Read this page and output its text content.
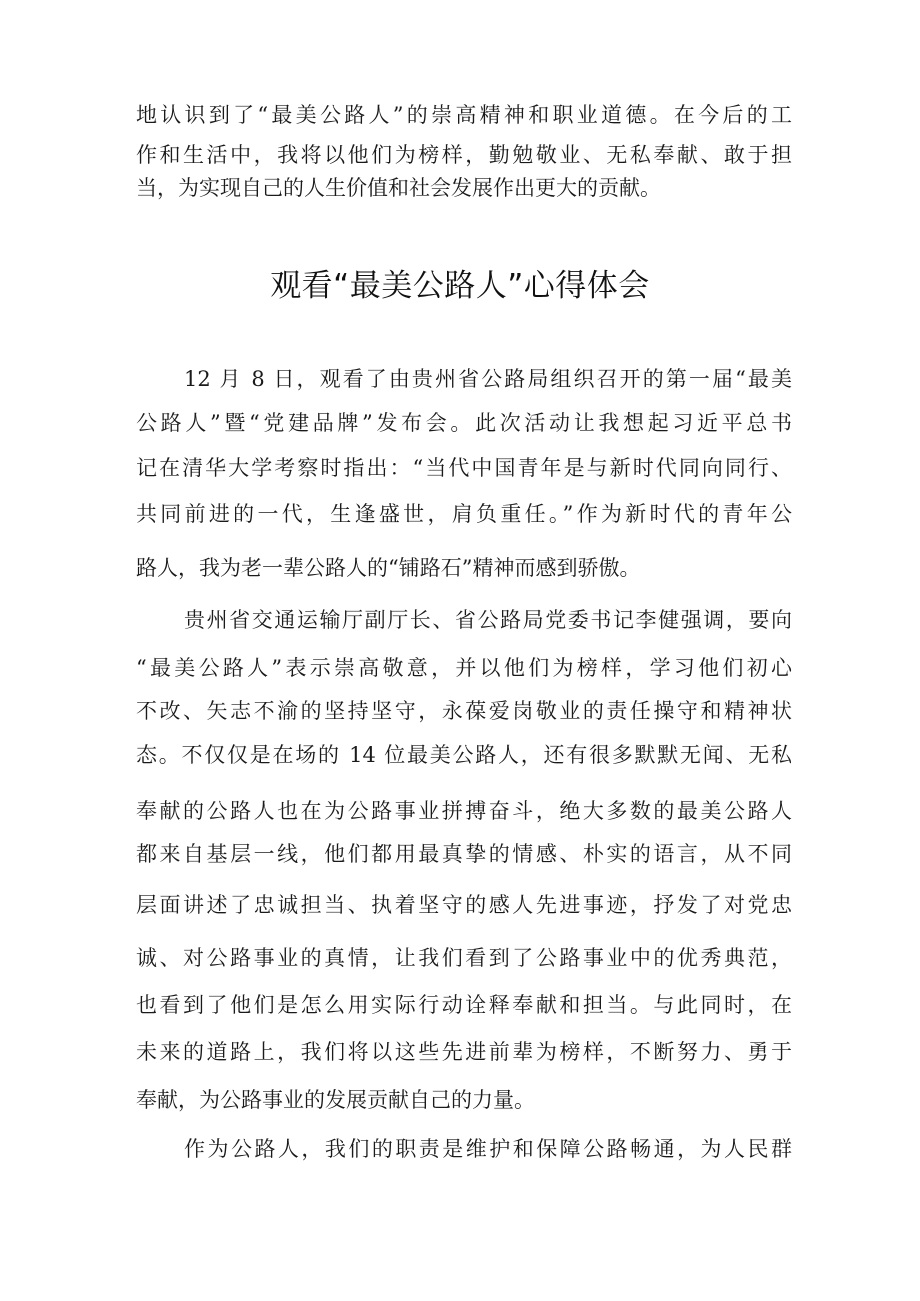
地认识到了“最美公路人”的崇高精神和职业道德。在今后的工
作和生活中，我将以他们为榜样，勤勉敬业、无私奉献、敢于担
当，为实现自己的人生价值和社会发展作出更大的贡献。
观看“最美公路人”心得体会
12 月 8 日，观看了由贵州省公路局组织召开的第一届“最美
公路人”暨“党建品牌”发布会。此次活动让我想起习近平总书
记在清华大学考察时指出：“当代中国青年是与新时代同向同行、
共同前进的一代，生逢盛世，肩负重任。”作为新时代的青年公
路人，我为老一辈公路人的“铺路石”精神而感到骄傲。
贵州省交通运输厅副厅长、省公路局党委书记李健强调，要向
“最美公路人”表示崇高敬意，并以他们为榜样，学习他们初心
不改、矢志不渝的坚持坚守，永葆爱岗敬业的责任操守和精神状
态。不仅仅是在场的 14 位最美公路人，还有很多默默无闻、无私
奉献的公路人也在为公路事业拼搏奋斗，绝大多数的最美公路人
都来自基层一线，他们都用最真挚的情感、朴实的语言，从不同
层面讲述了忠诚担当、执着坚守的感人先进事迹，抒发了对党忠
诚、对公路事业的真情，让我们看到了公路事业中的优秀典范，
也看到了他们是怎么用实际行动诠释奉献和担当。与此同时，在
未来的道路上，我们将以这些先进前辈为榜样，不断努力、勇于
奉献，为公路事业的发展贡献自己的力量。
作为公路人，我们的职责是维护和保障公路畅通，为人民群
